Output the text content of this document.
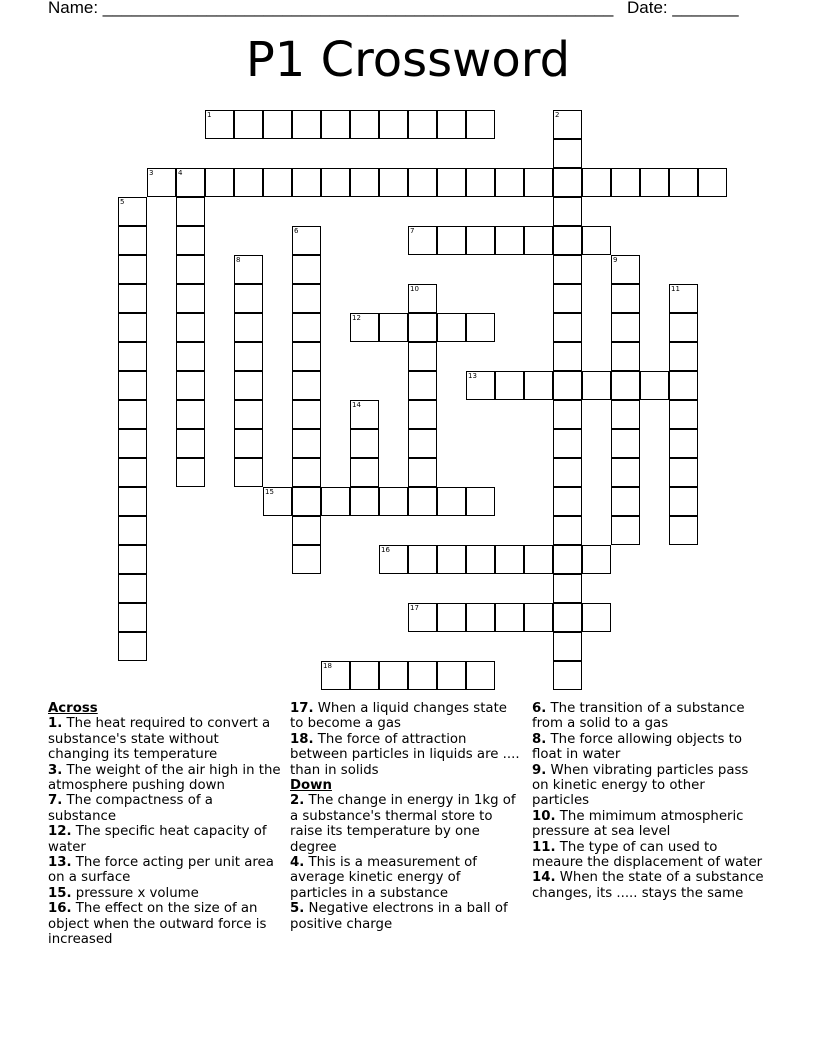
Name: ______________________________________________________ Date: _______
P1 Crossword
1	2
3	4
5
6	7
8	9
10	11
12
13
14
15
16
17
18
Across

1. The heat required to convert a substance's state without changing its temperature

3. The weight of the air high in the atmosphere pushing down

7. The compactness of a substance

12. The specific heat capacity of water

13. The force acting per unit area on a surface

15. pressure x volume

16. The effect on the size of an object when the outward force is increased

17. When a liquid changes state to become a gas

18. The force of attraction between particles in liquids are .... than in solids

Down

2. The change in energy in 1kg of a substance's thermal store to raise its temperature by one degree

4. This is a measurement of average kinetic energy of particles in a substance

5. Negative electrons in a ball of positive charge

6. The transition of a substance from a solid to a gas

8. The force allowing objects to float in water

9. When vibrating particles pass on kinetic energy to other particles

10. The mimimum atmospheric pressure at sea level

11. The type of can used to meaure the displacement of water

14. When the state of a substance changes, its ..... stays the same
